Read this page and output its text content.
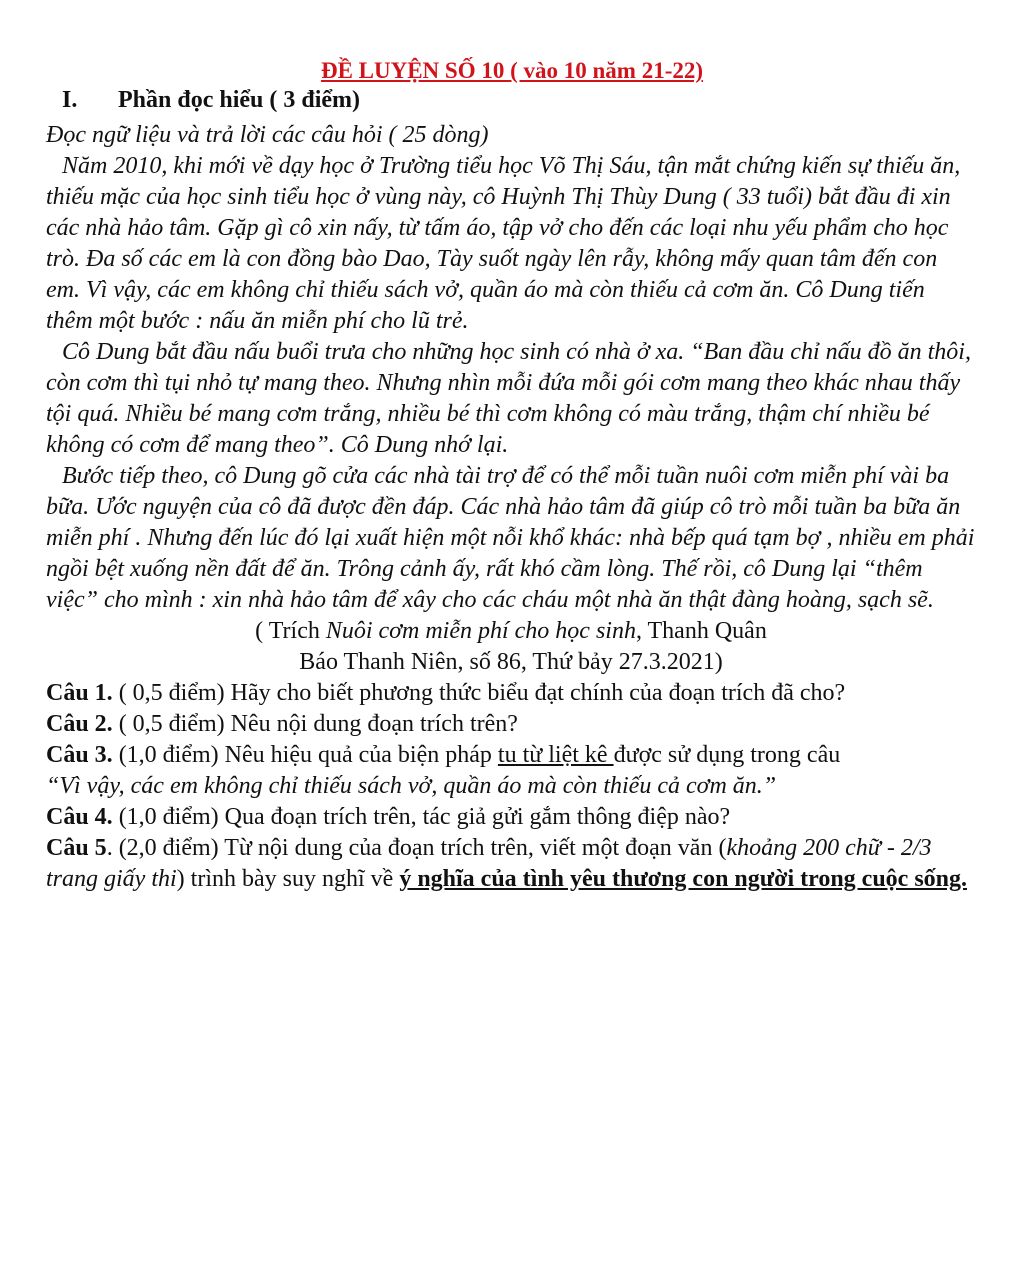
ĐỀ LUYỆN SỐ 10 ( vào 10 năm 21-22)
I. Phần đọc hiểu ( 3 điểm)

Đọc ngữ liệu và trả lời các câu hỏi ( 25 dòng)

Năm 2010, khi mới về dạy học ở Trường tiểu học Võ Thị Sáu, tận mắt chứng kiến sự thiếu ăn, thiếu mặc của học sinh tiểu học ở vùng này, cô Huỳnh Thị Thùy Dung ( 33 tuổi) bắt đầu đi xin các nhà hảo tâm. Gặp gì cô xin nấy, từ tấm áo, tập vở cho đến các loại nhu yếu phẩm cho học trò. Đa số các em là con đồng bào Dao, Tày suốt ngày lên rẫy, không mấy quan tâm đến con em. Vì vậy, các em không chỉ thiếu sách vở, quần áo mà còn thiếu cả cơm ăn. Cô Dung tiến thêm một bước : nấu ăn miễn phí cho lũ trẻ.

Cô Dung bắt đầu nấu buổi trưa cho những học sinh có nhà ở xa. “Ban đầu chỉ nấu đồ ăn thôi, còn cơm thì tụi nhỏ tự mang theo. Nhưng nhìn mỗi đứa mỗi gói cơm mang theo khác nhau thấy tội quá. Nhiều bé mang cơm trắng, nhiều bé thì cơm không có màu trắng, thậm chí nhiều bé không có cơm để mang theo”. Cô Dung nhớ lại.

Bước tiếp theo, cô Dung gõ cửa các nhà tài trợ để có thể mỗi tuần nuôi cơm miễn phí vài ba bữa. Ước nguyện của cô đã được đền đáp. Các nhà hảo tâm đã giúp cô trò mỗi tuần ba bữa ăn miễn phí . Nhưng đến lúc đó lại xuất hiện một nỗi khổ khác: nhà bếp quá tạm bợ , nhiều em phải ngồi bệt xuống nền đất để ăn. Trông cảnh ấy, rất khó cầm lòng. Thế rồi, cô Dung lại “thêm việc” cho mình : xin nhà hảo tâm để xây cho các cháu một nhà ăn thật đàng hoàng, sạch sẽ.

( Trích Nuôi cơm miễn phí cho học sinh, Thanh Quân

Báo Thanh Niên, số 86, Thứ bảy 27.3.2021)

Câu 1. ( 0,5 điểm) Hãy cho biết phương thức biểu đạt chính của đoạn trích đã cho?

Câu 2. ( 0,5 điểm) Nêu nội dung đoạn trích trên?

Câu 3. (1,0 điểm) Nêu hiệu quả của biện pháp tu từ liệt kê được sử dụng trong câu

“Vì vậy, các em không chỉ thiếu sách vở, quần áo mà còn thiếu cả cơm ăn.”

Câu 4. (1,0 điểm) Qua đoạn trích trên, tác giả gửi gắm thông điệp nào?

Câu 5. (2,0 điểm) Từ nội dung của đoạn trích trên, viết một đoạn văn (khoảng 200 chữ - 2/3 trang giấy thi) trình bày suy nghĩ về ý nghĩa của tình yêu thương con người trong cuộc sống.
